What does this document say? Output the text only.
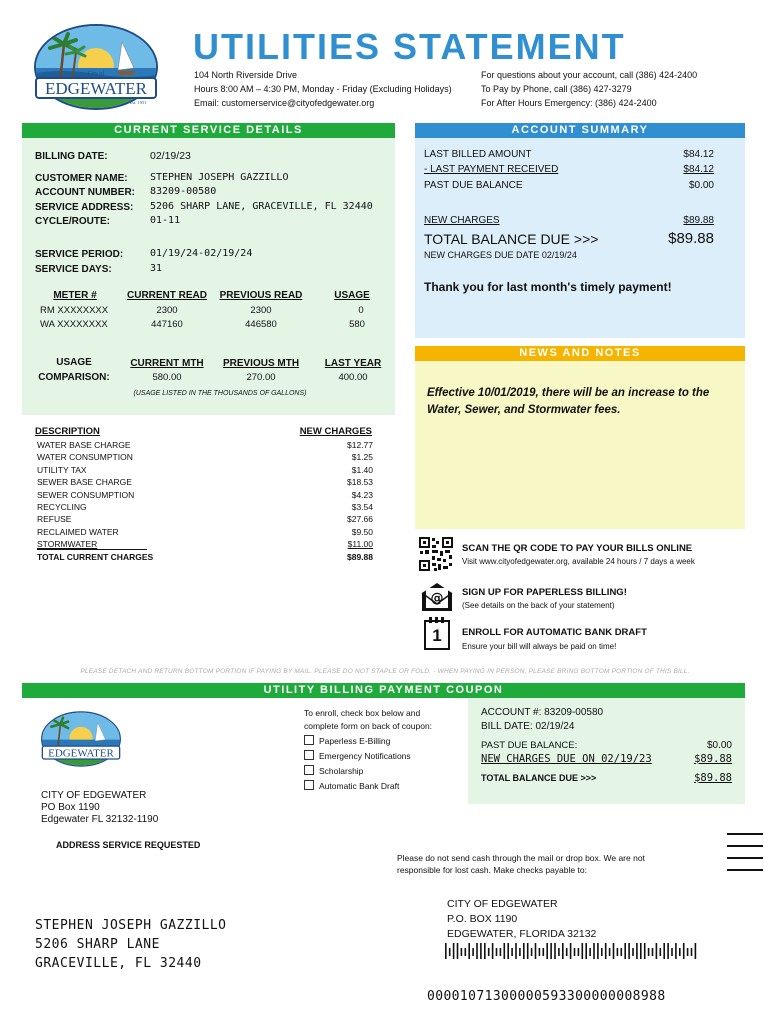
City of
EDGEWATER
Est. 1951
UTILITIES STATEMENT
104 North Riverside Drive
Hours 8:00 AM – 4:30 PM, Monday - Friday (Excluding Holidays)
Email: customerservice@cityofedgewater.org
For questions about your account, call (386) 424-2400
To Pay by Phone, call (386) 427-3279
For After Hours Emergency: (386) 424-2400
CURRENT SERVICE DETAILS
BILLING DATE:	02/19/23
CUSTOMER NAME: STEPHEN JOSEPH GAZZILLO
ACCOUNT NUMBER: 83209-00580
SERVICE ADDRESS: 5206 SHARP LANE, GRACEVILLE, FL 32440
CYCLE/ROUTE:	01-11
SERVICE PERIOD:	01/19/24-02/19/24
SERVICE DAYS:	31
METER #	CURRENT READ	PREVIOUS READ	USAGE
RM XXXXXXXX	2300	2300	0
WA XXXXXXXX	447160	446580	580
USAGE
COMPARISON:
CURRENT MTH	PREVIOUS MTH	LAST YEAR
580.00	270.00	400.00
(USAGE LISTED IN THE THOUSANDS OF GALLONS)
DESCRIPTION	NEW CHARGES
WATER BASE CHARGE	$12.77
WATER CONSUMPTION	$1.25
UTILITY TAX	$1.40
SEWER BASE CHARGE	$18.53
SEWER CONSUMPTION	$4.23
RECYCLING	$3.54
REFUSE	$27.66
RECLAIMED WATER	$9.50
STORMWATER	$11.00
TOTAL CURRENT CHARGES	$89.88
ACCOUNT SUMMARY
LAST BILLED AMOUNT	$84.12
- LAST PAYMENT RECEIVED	$84.12
PAST DUE BALANCE	$0.00
NEW CHARGES	$89.88
TOTAL BALANCE DUE >>>	$89.88
NEW CHARGES DUE DATE 02/19/24
Thank you for last month's timely payment!
NEWS AND NOTES
Effective 10/01/2019, there will be an increase to the Water, Sewer, and Stormwater fees.
SCAN THE QR CODE TO PAY YOUR BILLS ONLINE
Visit www.cityofedgewater.org, available 24 hours / 7 days a week
@ SIGN UP FOR PAPERLESS BILLING!
(See details on the back of your statement)
1	ENROLL FOR AUTOMATIC BANK DRAFT
Ensure your bill will always be paid on time!
PLEASE DETACH AND RETURN BOTTOM PORTION IF PAYING BY MAIL. PLEASE DO NOT STAPLE OR FOLD. - WHEN PAYING IN PERSON, PLEASE BRING BOTTOM PORTION OF THIS BILL.
UTILITY BILLING PAYMENT COUPON
EDGEWATER
CITY OF EDGEWATER
PO Box 1190
Edgewater FL 32132-1190
ADDRESS SERVICE REQUESTED
To enroll, check box below and
complete form on back of coupon:
Paperless E-Billing
Emergency Notifications
Scholarship
Automatic Bank Draft
ACCOUNT #: 83209-00580
BILL DATE: 02/19/24
PAST DUE BALANCE:	$0.00
NEW CHARGES DUE ON 02/19/23	$89.88
TOTAL BALANCE DUE >>>	$89.88
Please do not send cash through the mail or drop box. We are not
responsible for lost cash. Make checks payable to:
CITY OF EDGEWATER
P.O. BOX 1190
EDGEWATER, FLORIDA 32132
STEPHEN JOSEPH GAZZILLO
5206 SHARP LANE
GRACEVILLE, FL 32440
00001071300000593300000008988
